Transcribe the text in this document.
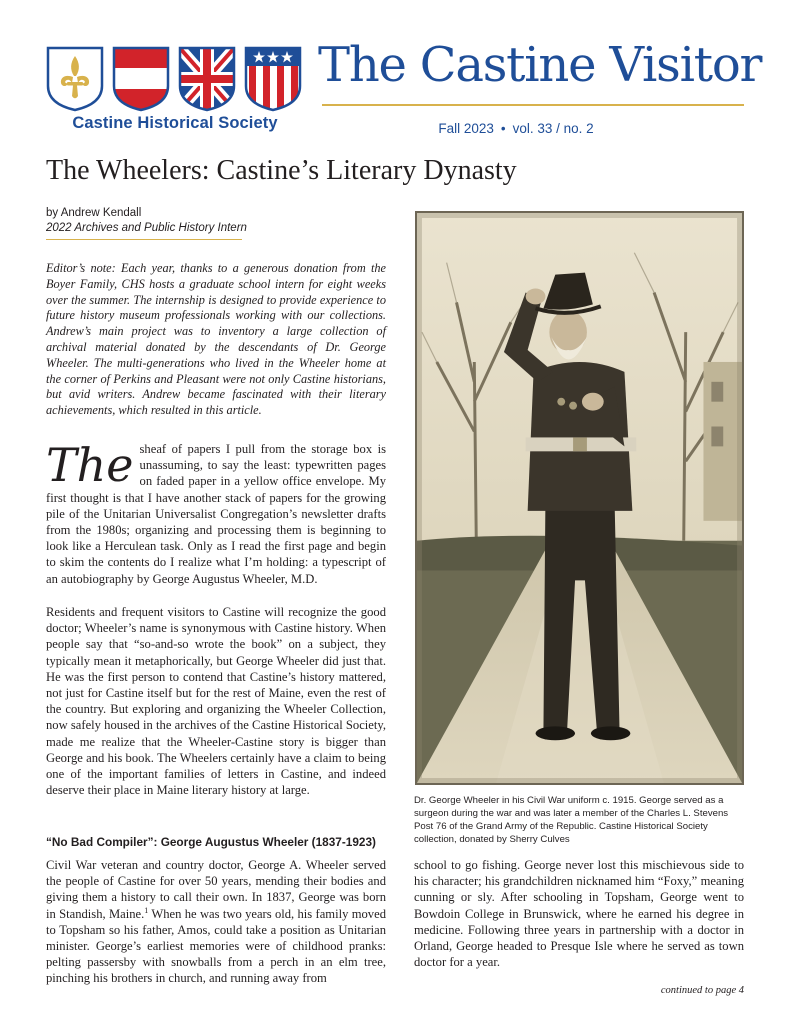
Castine Historical Society
The Castine Visitor
Fall 2023 • vol. 33 / no. 2
The Wheelers: Castine’s Literary Dynasty
by Andrew Kendall
2022 Archives and Public History Intern

Editor’s note: Each year, thanks to a generous donation from the Boyer Family, CHS hosts a graduate school intern for eight weeks over the summer. The internship is designed to provide experience to future history museum professionals working with our collections. Andrew’s main project was to inventory a large collection of archival material donated by the descendants of Dr. George Wheeler. The multi-generations who lived in the Wheeler home at the corner of Perkins and Pleasant were not only Castine historians, but avid writers. Andrew became fascinated with their literary achievements, which resulted in this article.

The sheaf of papers I pull from the storage box is unassuming, to say the least: typewritten pages on faded paper in a yellow office envelope. My first thought is that I have another stack of papers for the growing pile of the Unitarian Universalist Congregation’s newsletter drafts from the 1980s; organizing and processing them is beginning to look like a Herculean task. Only as I read the first page and begin to skim the contents do I realize what I’m holding: a typescript of an autobiography by George Augustus Wheeler, M.D.

Residents and frequent visitors to Castine will recognize the good doctor; Wheeler’s name is synonymous with Castine history. When people say that “so-and-so wrote the book” on a subject, they typically mean it metaphorically, but George Wheeler did just that. He was the first person to contend that Castine’s history mattered, not just for Castine itself but for the rest of Maine, even the rest of the country. But exploring and organizing the Wheeler Collection, now safely housed in the archives of the Castine Historical Society, made me realize that the Wheeler-Castine story is bigger than George and his book. The Wheelers certainly have a claim to being one of the important families of letters in Castine, and indeed deserve their place in Maine literary history at large.

“No Bad Compiler”: George Augustus Wheeler (1837-1923)

Civil War veteran and country doctor, George A. Wheeler served the people of Castine for over 50 years, mending their bodies and giving them a history to call their own. In 1837, George was born in Standish, Maine.$^1$ When he was two years old, his family moved to Topsham so his father, Amos, could take a position as Unitarian minister. George’s earliest memories were of childhood pranks: pelting passersby with snowballs from a perch in an elm tree, pinching his brothers in church, and running away from

Dr. George Wheeler in his Civil War uniform c. 1915. George served as a surgeon during the war and was later a member of the Charles L. Stevens Post 76 of the Grand Army of the Republic. Castine Historical Society collection, donated by Sherry Culves

school to go fishing. George never lost this mischievous side to his character; his grandchildren nicknamed him “Foxy,” meaning cunning or sly. After schooling in Topsham, George went to Bowdoin College in Brunswick, where he earned his degree in medicine. Following three years in partnership with a doctor in Orland, George headed to Presque Isle where he served as town doctor for a year.

continued to page 4
